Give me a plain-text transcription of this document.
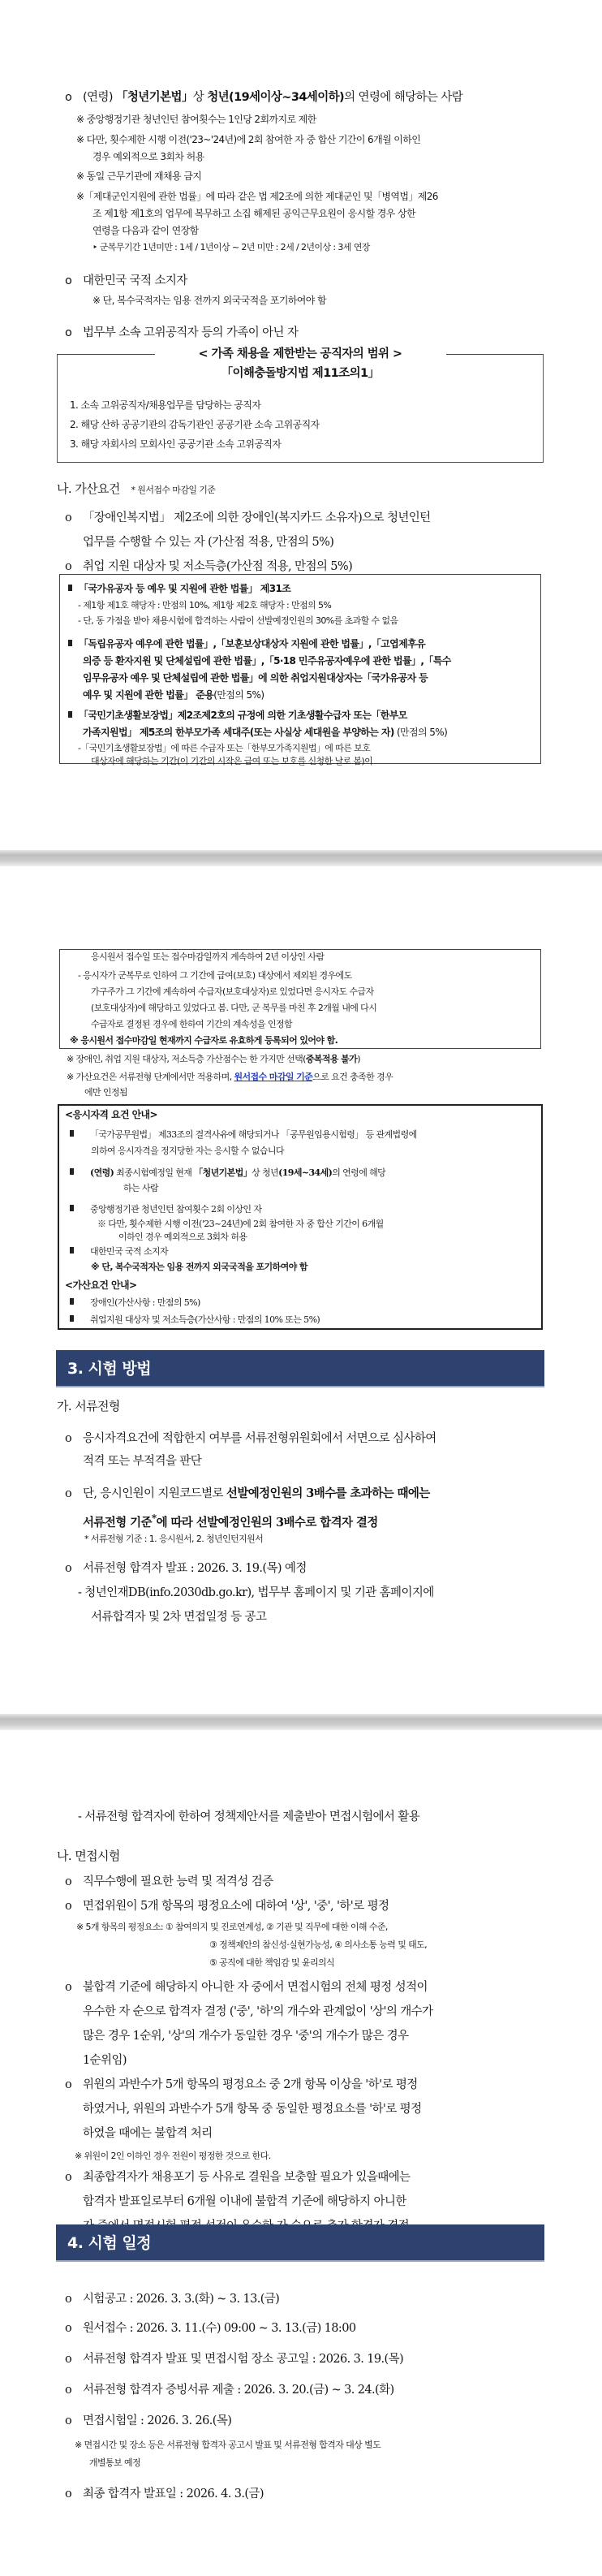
o (연령) 「청년기본법」상 청년(19세이상~34세이하)의 연령에 해당하는 사람
※ 중앙행정기관 청년인턴 참여횟수는 1인당 2회까지로 제한
※ 다만, 횟수제한 시행 이전('23~'24년)에 2회 참여한 자 중 합산 기간이 6개월 이하인
경우 예외적으로 3회차 허용
※ 동일 근무기관에 재채용 금지
※「제대군인지원에 관한 법률」에 따라 같은 법 제2조에 의한 제대군인 및「병역법」제26
조 제1항 제1호의 업무에 복무하고 소집 해제된 공익근무요원이 응시할 경우 상한
연령을 다음과 같이 연장함
‣ 군복무기간 1년미만 : 1세 / 1년이상 ~ 2년 미만 : 2세 / 2년이상 : 3세 연장
o 대한민국 국적 소지자
※ 단, 복수국적자는 임용 전까지 외국국적을 포기하여야 함
o 법무부 소속 고위공직자 등의 가족이 아닌 자
< 가족 채용을 제한받는 공직자의 범위 >
「이해충돌방지법 제11조의1」
1. 소속 고위공직자/채용업무를 담당하는 공직자
2. 해당 산하 공공기관의 감독기관인 공공기관 소속 고위공직자
3. 해당 자회사의 모회사인 공공기관 소속 고위공직자
나. 가산요건 * 원서접수 마감일 기준
o 「장애인복지법」 제2조에 의한 장애인(복지카드 소유자)으로 청년인턴
업무를 수행할 수 있는 자 (가산점 적용, 만점의 5%)
o 취업 지원 대상자 및 저소득층(가산점 적용, 만점의 5%)
「국가유공자 등 예우 및 지원에 관한 법률」 제31조
- 제1항 제1호 해당자 : 만점의 10%, 제1항 제2호 해당자 : 만점의 5%
- 단, 동 가점을 받아 채용시험에 합격하는 사람이 선발예정인원의 30%를 초과할 수 없음
「독립유공자 예우에 관한 법률」,「보훈보상대상자 지원에 관한 법률」,「고엽제후유
의증 등 환자지원 및 단체설립에 관한 법률」,「5·18 민주유공자예우에 관한 법률」,「특수
임무유공자 예우 및 단체설립에 관한 법률」에 의한 취업지원대상자는「국가유공자 등
예우 및 지원에 관한 법률」 준용(만점의 5%)
「국민기초생활보장법」제2조제2호의 규정에 의한 기초생활수급자 또는「한부모
가족지원법」 제5조의 한부모가족 세대주(또는 사실상 세대원을 부양하는 자) (만점의 5%)
-「국민기초생활보장법」에 따른 수급자 또는「한부모가족지원법」에 따른 보호
대상자에 해당하는 기간(이 기간의 시작은 급여 또는 보호를 신청한 날로 봄)이
응시원서 접수일 또는 접수마감일까지 계속하여 2년 이상인 사람
- 응시자가 군복무로 인하여 그 기간에 급여(보호) 대상에서 제외된 경우에도
가구주가 그 기간에 계속하여 수급자(보호대상자)로 있었다면 응시자도 수급자
(보호대상자)에 해당하고 있었다고 봄. 다만, 군 복무를 마친 후 2개월 내에 다시
수급자로 결정된 경우에 한하여 기간의 계속성을 인정함
※ 응시원서 접수마감일 현재까지 수급자로 유효하게 등록되어 있어야 함.
※ 장애인, 취업 지원 대상자, 저소득층 가산점수는 한 가지만 선택(중복적용 불가)
※ 가산요건은 서류전형 단계에서만 적용하며, 원서접수 마감일 기준으로 요건 충족한 경우
에만 인정됨
<응시자격 요건 안내>
「국가공무원법」 제33조의 결격사유에 해당되거나 「공무원임용시험령」 등 관계법령에
의하여 응시자격을 정지당한 자는 응시할 수 없습니다
(연령) 최종시험예정일 현재 「청년기본법」상 청년(19세~34세)의 연령에 해당
하는 사람
중앙행정기관 청년인턴 참여횟수 2회 이상인 자
※ 다만, 횟수제한 시행 이전('23~24년)에 2회 참여한 자 중 합산 기간이 6개월
이하인 경우 예외적으로 3회차 허용
대한민국 국적 소지자
※ 단, 복수국적자는 임용 전까지 외국국적을 포기하여야 함
<가산요건 안내>
장애인(가산사항 : 만점의 5%)
취업지원 대상자 및 저소득층(가산사항 : 만점의 10% 또는 5%)
3. 시험 방법
가. 서류전형
o 응시자격요건에 적합한지 여부를 서류전형위원회에서 서면으로 심사하여
적격 또는 부적격을 판단
o 단, 응시인원이 지원코드별로 선발예정인원의 3배수를 초과하는 때에는
서류전형 기준*에 따라 선발예정인원의 3배수로 합격자 결정
* 서류전형 기준 : 1. 응시원서, 2. 청년인턴지원서
o 서류전형 합격자 발표 : 2026. 3. 19.(목) 예정
- 청년인재DB(info.2030db.go.kr), 법무부 홈페이지 및 기관 홈페이지에
서류합격자 및 2차 면접일정 등 공고
- 서류전형 합격자에 한하여 정책제안서를 제출받아 면접시험에서 활용
나. 면접시험
o 직무수행에 필요한 능력 및 적격성 검증
o 면접위원이 5개 항목의 평정요소에 대하여 '상', '중', '하'로 평정
※ 5개 항목의 평정요소: ① 참여의지 및 진로연계성, ② 기관 및 직무에 대한 이해 수준,
③ 정책제안의 참신성·실현가능성, ④ 의사소통 능력 및 태도,
⑤ 공직에 대한 책임감 및 윤리의식
o 불합격 기준에 해당하지 아니한 자 중에서 면접시험의 전체 평정 성적이
우수한 자 순으로 합격자 결정 ('중', '하'의 개수와 관계없이 '상'의 개수가
많은 경우 1순위, '상'의 개수가 동일한 경우 '중'의 개수가 많은 경우
1순위임)
o 위원의 과반수가 5개 항목의 평정요소 중 2개 항목 이상을 '하'로 평정
하였거나, 위원의 과반수가 5개 항목 중 동일한 평정요소를 '하'로 평정
하였을 때에는 불합격 처리
※ 위원이 2인 이하인 경우 전원이 평정한 것으로 한다.
o 최종합격자가 채용포기 등 사유로 결원을 보충할 필요가 있을때에는
합격자 발표일로부터 6개월 이내에 불합격 기준에 해당하지 아니한
4. 시험 일정
o 시험공고 : 2026. 3. 3.(화) ~ 3. 13.(금)
o 원서접수 : 2026. 3. 11.(수) 09:00 ~ 3. 13.(금) 18:00
o 서류전형 합격자 발표 및 면접시험 장소 공고일 : 2026. 3. 19.(목)
o 서류전형 합격자 증빙서류 제출 : 2026. 3. 20.(금) ~ 3. 24.(화)
o 면접시험일 : 2026. 3. 26.(목)
※ 면접시간 및 장소 등은 서류전형 합격자 공고시 발표 및 서류전형 합격자 대상 별도
개별통보 예정
o 최종 합격자 발표일 : 2026. 4. 3.(금)
